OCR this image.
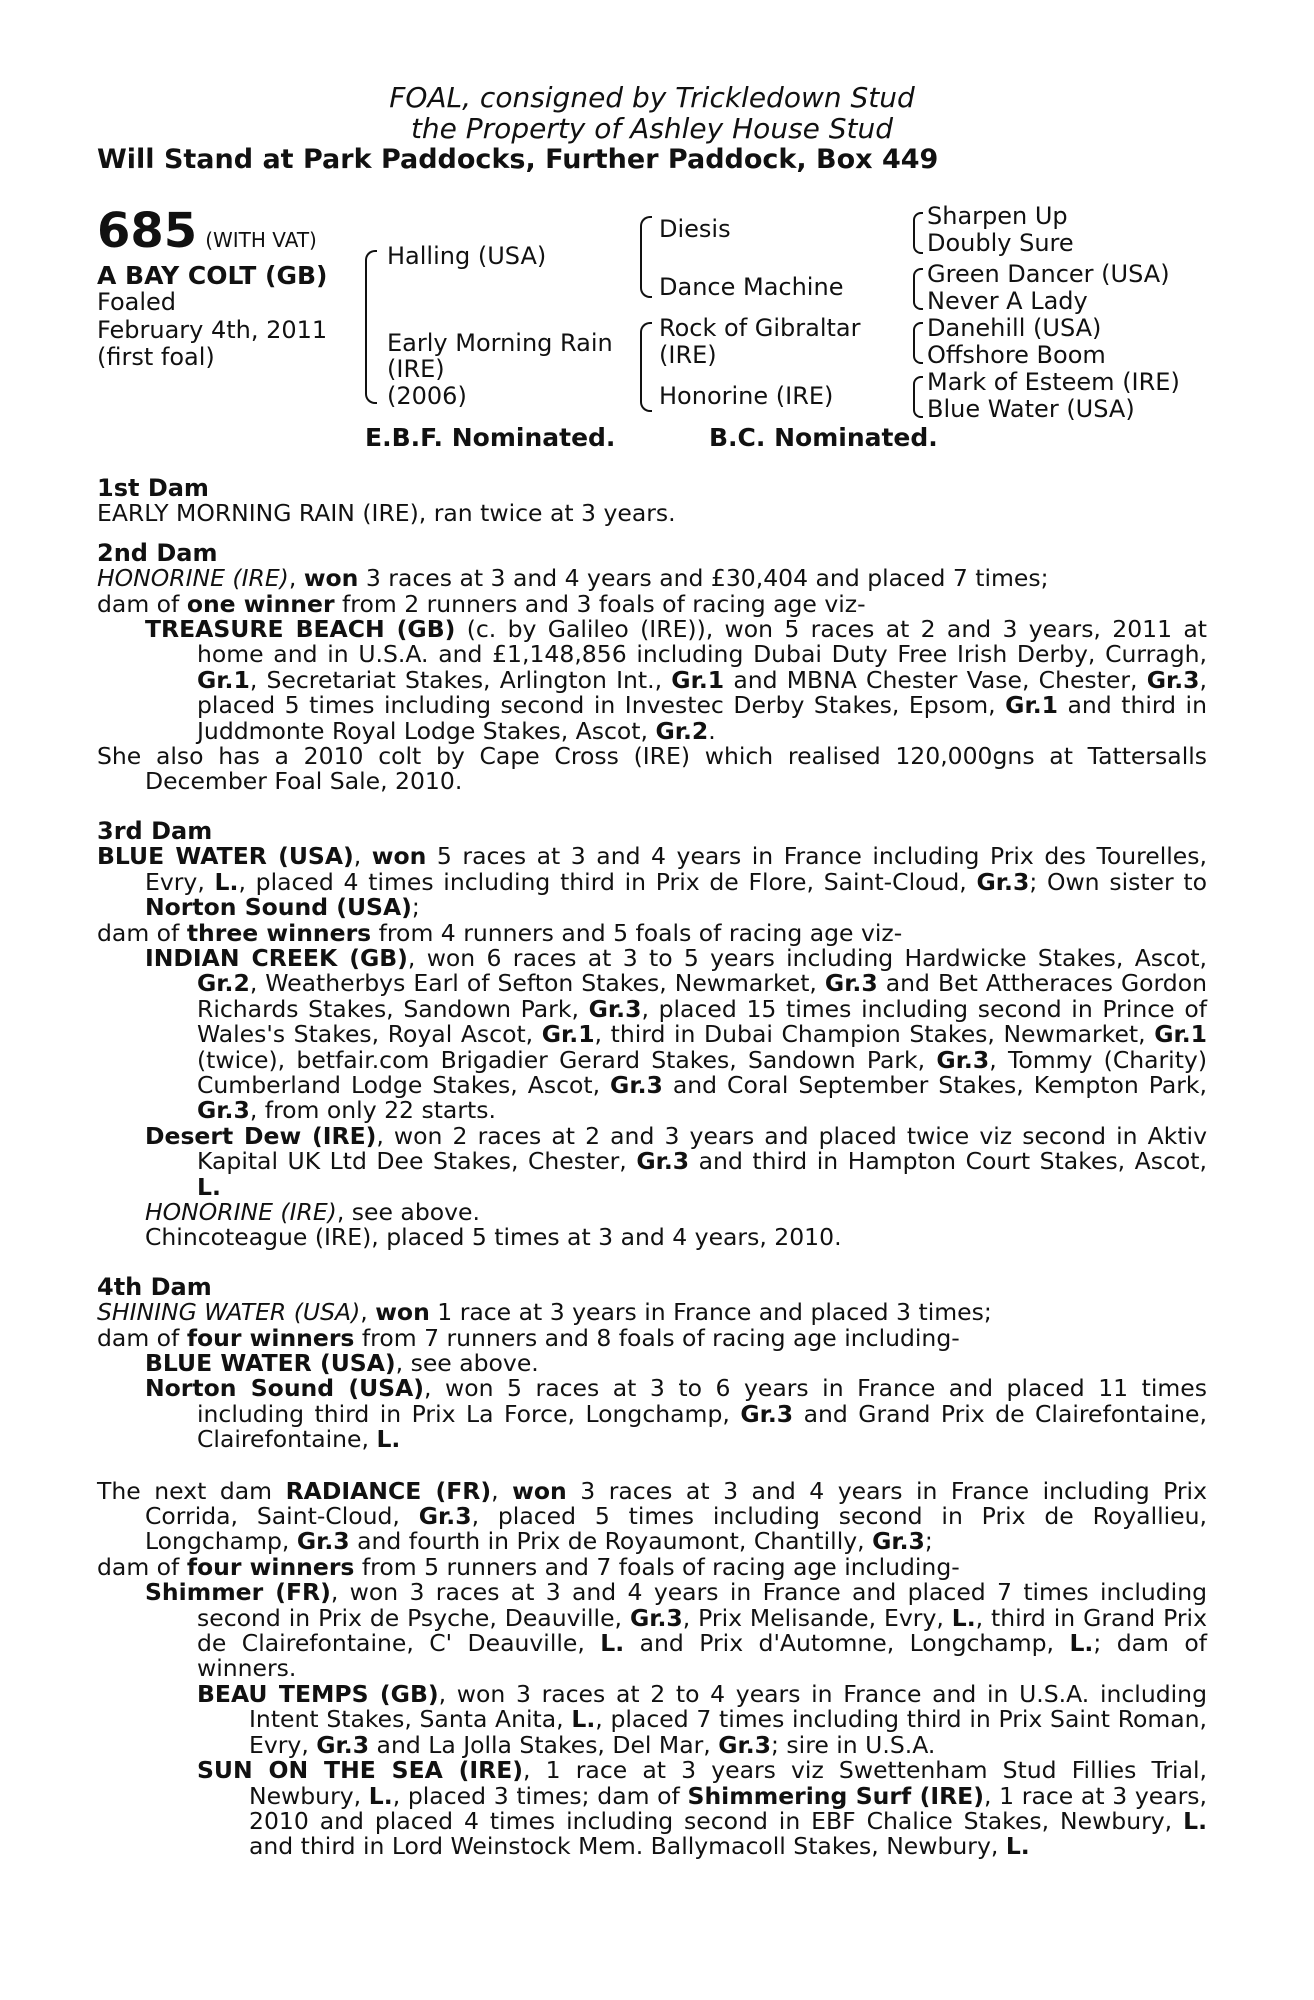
FOAL, consigned by Trickledown Stud
the Property of Ashley House Stud
Will Stand at Park Paddocks, Further Paddock, Box 449
685 (WITH VAT)
A BAY COLT (GB)
Foaled
February 4th, 2011
(first foal)
Halling (USA)
Early Morning Rain
(IRE)
(2006)
Diesis
Dance Machine
Rock of Gibraltar
(IRE)
Honorine (IRE)
Sharpen Up
Doubly Sure
Green Dancer (USA)
Never A Lady
Danehill (USA)
Offshore Boom
Mark of Esteem (IRE)
Blue Water (USA)
E.B.F. Nominated.	B.C. Nominated.
1st Dam
EARLY MORNING RAIN (IRE), ran twice at 3 years.
2nd Dam
HONORINE (IRE), won 3 races at 3 and 4 years and £30,404 and placed 7 times;
dam of one winner from 2 runners and 3 foals of racing age viz-
TREASURE BEACH (GB) (c. by Galileo (IRE)), won 5 races at 2 and 3 years, 2011 at home and in U.S.A. and £1,148,856 including Dubai Duty Free Irish Derby, Curragh, Gr.1, Secretariat Stakes, Arlington Int., Gr.1 and MBNA Chester Vase, Chester, Gr.3, placed 5 times including second in Investec Derby Stakes, Epsom, Gr.1 and third in Juddmonte Royal Lodge Stakes, Ascot, Gr.2.
She also has a 2010 colt by Cape Cross (IRE) which realised 120,000gns at Tattersalls December Foal Sale, 2010.
3rd Dam
BLUE WATER (USA), won 5 races at 3 and 4 years in France including Prix des Tourelles, Evry, L., placed 4 times including third in Prix de Flore, Saint-Cloud, Gr.3; Own sister to Norton Sound (USA);
dam of three winners from 4 runners and 5 foals of racing age viz-
INDIAN CREEK (GB), won 6 races at 3 to 5 years including Hardwicke Stakes, Ascot, Gr.2, Weatherbys Earl of Sefton Stakes, Newmarket, Gr.3 and Bet Attheraces Gordon Richards Stakes, Sandown Park, Gr.3, placed 15 times including second in Prince of Wales's Stakes, Royal Ascot, Gr.1, third in Dubai Champion Stakes, Newmarket, Gr.1 (twice), betfair.com Brigadier Gerard Stakes, Sandown Park, Gr.3, Tommy (Charity) Cumberland Lodge Stakes, Ascot, Gr.3 and Coral September Stakes, Kempton Park, Gr.3, from only 22 starts.
Desert Dew (IRE), won 2 races at 2 and 3 years and placed twice viz second in Aktiv Kapital UK Ltd Dee Stakes, Chester, Gr.3 and third in Hampton Court Stakes, Ascot, L.
HONORINE (IRE), see above.
Chincoteague (IRE), placed 5 times at 3 and 4 years, 2010.
4th Dam
SHINING WATER (USA), won 1 race at 3 years in France and placed 3 times;
dam of four winners from 7 runners and 8 foals of racing age including-
BLUE WATER (USA), see above.
Norton Sound (USA), won 5 races at 3 to 6 years in France and placed 11 times including third in Prix La Force, Longchamp, Gr.3 and Grand Prix de Clairefontaine, Clairefontaine, L.
The next dam RADIANCE (FR), won 3 races at 3 and 4 years in France including Prix Corrida, Saint-Cloud, Gr.3, placed 5 times including second in Prix de Royallieu, Longchamp, Gr.3 and fourth in Prix de Royaumont, Chantilly, Gr.3;
dam of four winners from 5 runners and 7 foals of racing age including-
Shimmer (FR), won 3 races at 3 and 4 years in France and placed 7 times including second in Prix de Psyche, Deauville, Gr.3, Prix Melisande, Evry, L., third in Grand Prix de Clairefontaine, C' Deauville, L. and Prix d'Automne, Longchamp, L.; dam of winners.
BEAU TEMPS (GB), won 3 races at 2 to 4 years in France and in U.S.A. including Intent Stakes, Santa Anita, L., placed 7 times including third in Prix Saint Roman, Evry, Gr.3 and La Jolla Stakes, Del Mar, Gr.3; sire in U.S.A.
SUN ON THE SEA (IRE), 1 race at 3 years viz Swettenham Stud Fillies Trial, Newbury, L., placed 3 times; dam of Shimmering Surf (IRE), 1 race at 3 years, 2010 and placed 4 times including second in EBF Chalice Stakes, Newbury, L. and third in Lord Weinstock Mem. Ballymacoll Stakes, Newbury, L.
